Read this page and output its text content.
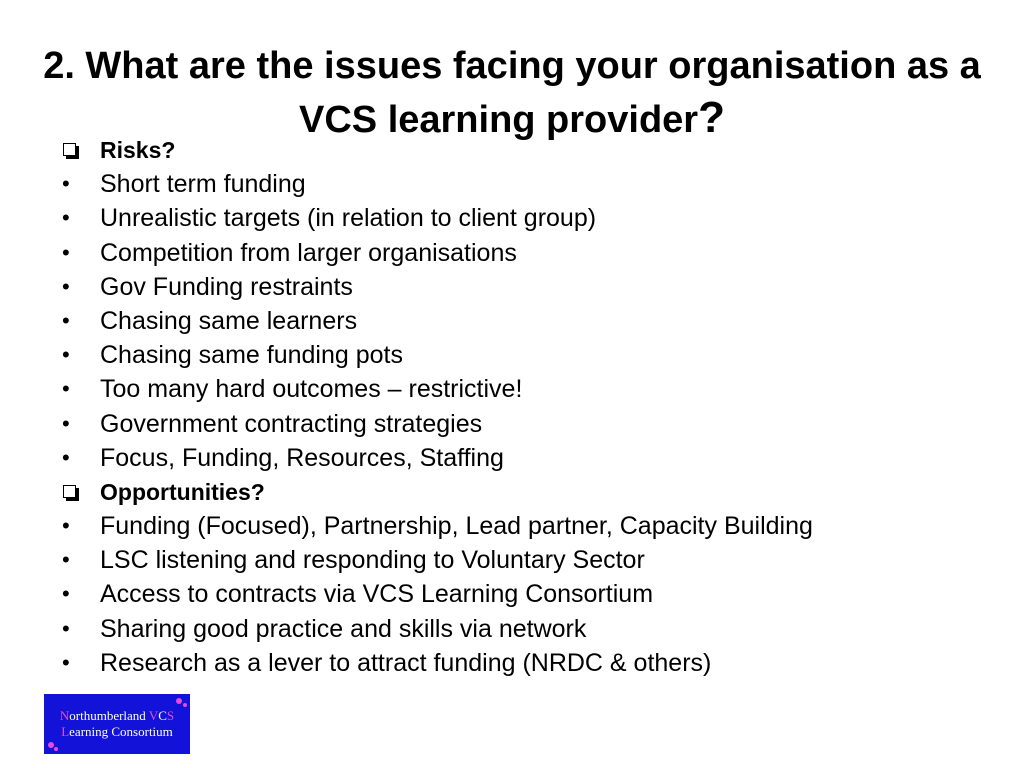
2. What are the issues facing your organisation as a VCS learning provider?
Risks?
• Short term funding
• Unrealistic targets (in relation to client group)
• Competition from larger organisations
• Gov Funding restraints
• Chasing same learners
• Chasing same funding pots
• Too many hard outcomes – restrictive!
• Government contracting strategies
• Focus, Funding, Resources, Staffing
Opportunities?
• Funding (Focused), Partnership, Lead partner, Capacity Building
• LSC listening and responding to Voluntary Sector
• Access to contracts via VCS Learning Consortium
• Sharing good practice and skills via network
• Research as a lever to attract funding (NRDC & others)
Northumberland VCS
Learning Consortium
